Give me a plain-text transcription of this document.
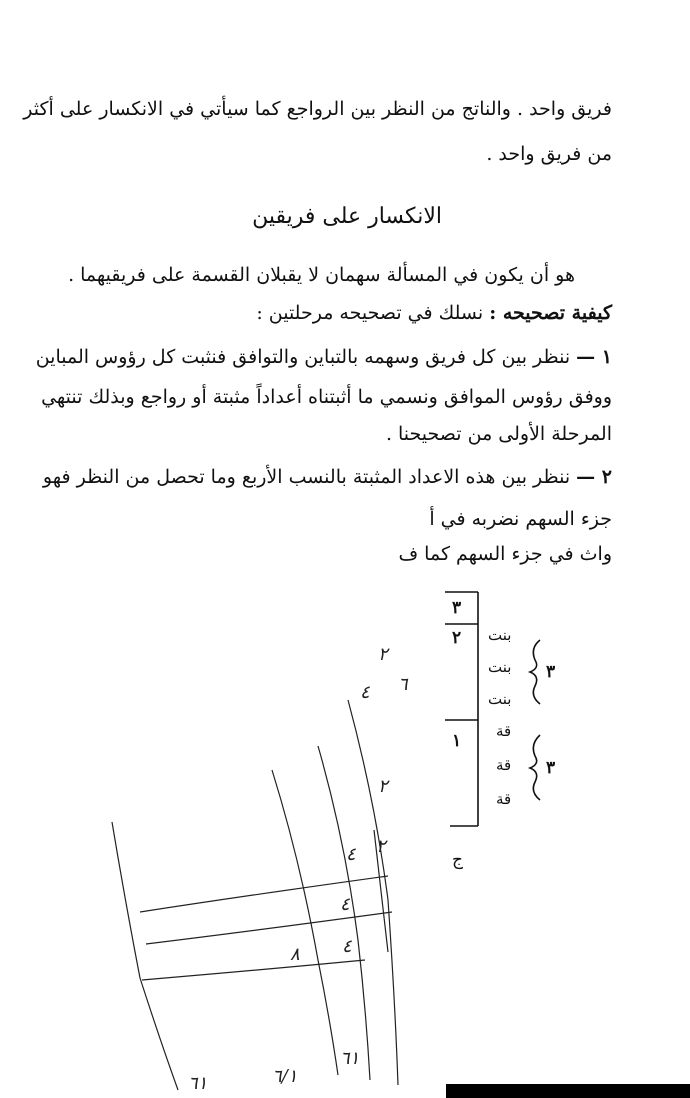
فريق واحد . والناتج من النظر بين الرواجع كما سيأتي في الانكسار على أكثر
من فريق واحد .
الانكسار على فريقين
هو أن يكون في المسألة سهمان لا يقبلان القسمة على فريقيهما .
كيفية تصحيحه : نسلك في تصحيحه مرحلتين :
١ — ننظر بين كل فريق وسهمه بالتباين والتوافق فنثبت كل رؤوس المباين
ووفق رؤوس الموافق ونسمي ما أثبتناه أعداداً مثبتة أو رواجع وبذلك تنتهي
المرحلة الأولى من تصحيحنا .
٢ — ننظر بين هذه الاعداد المثبتة بالنسب الأربع وما تحصل من النظر فهو
جزء السهم نضربه في أ
واث في جزء السهم كما ف
٣
٢
١
بنت
بنت
بنت
قة
قة
قة
٣
٣
ج
٢
٦
٤
٢
٤ ٢
٤
٨ ٤
٦/١
٦١
٦١
